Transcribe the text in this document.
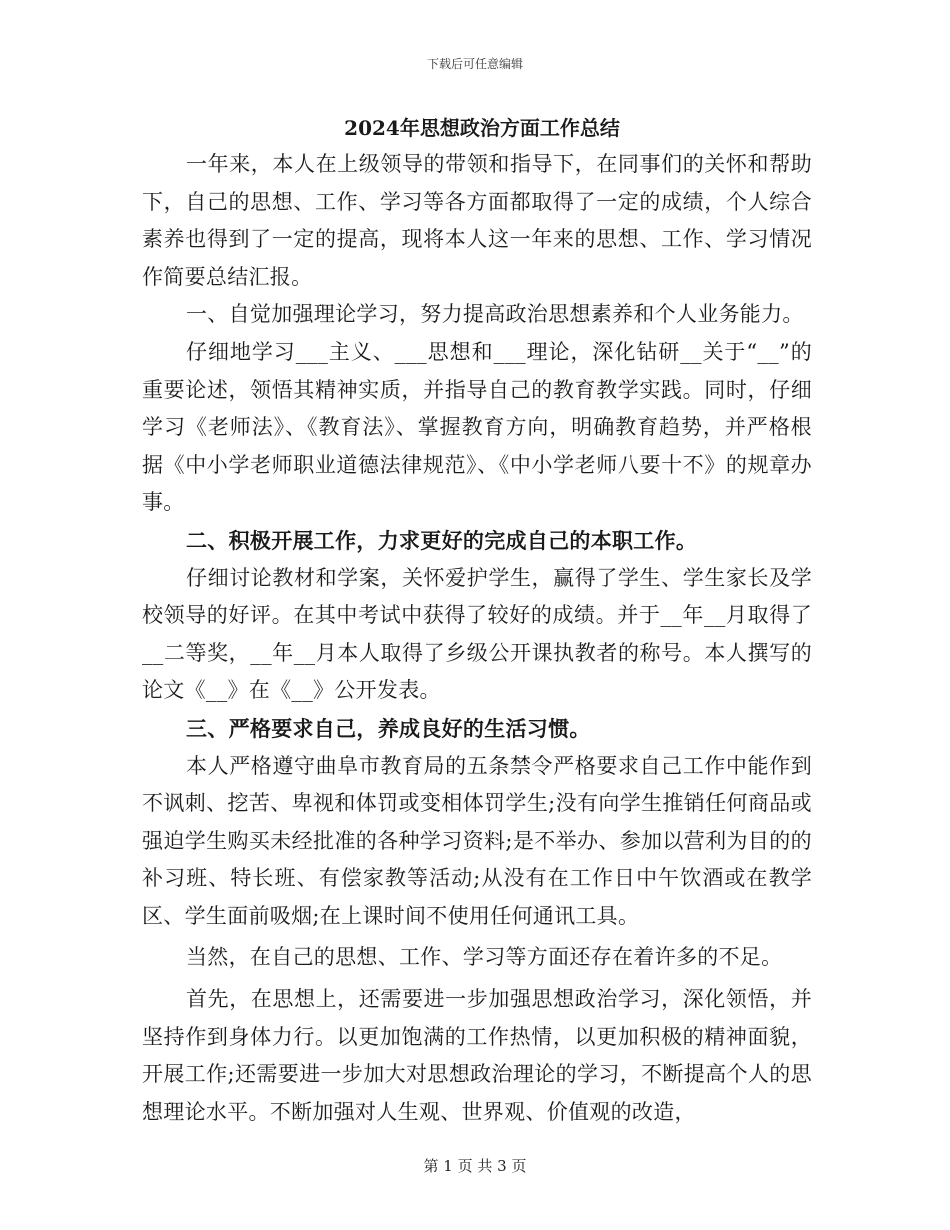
下载后可任意编辑
2024年思想政治方面工作总结

一年来，本人在上级领导的带领和指导下，在同事们的关怀和帮助下，自己的思想、工作、学习等各方面都取得了一定的成绩，个人综合素养也得到了一定的提高，现将本人这一年来的思想、工作、学习情况作简要总结汇报。

一、自觉加强理论学习，努力提高政治思想素养和个人业务能力。

仔细地学习___主义、___思想和___理论，深化钻研__关于“__”的重要论述，领悟其精神实质，并指导自己的教育教学实践。同时，仔细学习《老师法》、《教育法》、掌握教育方向，明确教育趋势，并严格根据《中小学老师职业道德法律规范》、《中小学老师八要十不》的规章办事。

二、积极开展工作，力求更好的完成自己的本职工作。

仔细讨论教材和学案，关怀爱护学生，赢得了学生、学生家长及学校领导的好评。在其中考试中获得了较好的成绩。并于__年__月取得了__二等奖，__年__月本人取得了乡级公开课执教者的称号。本人撰写的论文《__》在《__》公开发表。

三、严格要求自己，养成良好的生活习惯。

本人严格遵守曲阜市教育局的五条禁令严格要求自己工作中能作到不讽刺、挖苦、卑视和体罚或变相体罚学生;没有向学生推销任何商品或强迫学生购买未经批准的各种学习资料;是不举办、参加以营利为目的的补习班、特长班、有偿家教等活动;从没有在工作日中午饮酒或在教学区、学生面前吸烟;在上课时间不使用任何通讯工具。

当然，在自己的思想、工作、学习等方面还存在着许多的不足。

首先，在思想上，还需要进一步加强思想政治学习，深化领悟，并坚持作到身体力行。以更加饱满的工作热情，以更加积极的精神面貌，开展工作;还需要进一步加大对思想政治理论的学习，不断提高个人的思想理论水平。不断加强对人生观、世界观、价值观的改造，

第 1 页 共 3 页
